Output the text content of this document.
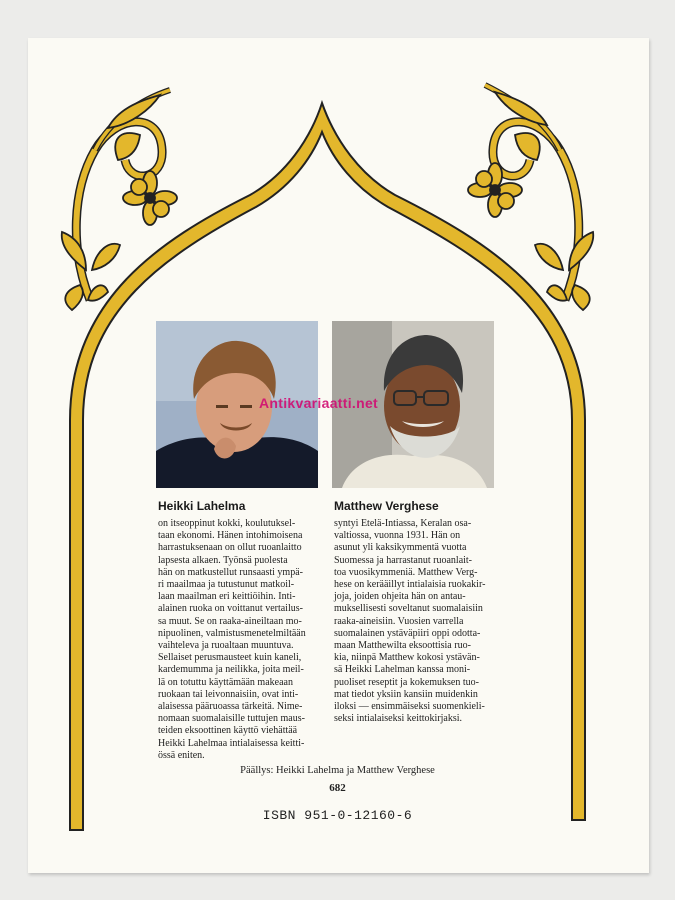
Antikvariaatti.net

Heikki Lahelma	Matthew Verghese

on itseoppinut kokki, koulutuksel-
taan ekonomi. Hänen intohimoisena
harrastuksenaan on ollut ruoanlaitto
lapsesta alkaen. Työnsä puolesta
hän on matkustellut runsaasti ympä-
ri maailmaa ja tutustunut matkoil-
laan maailman eri keittiöihin. Inti-
alainen ruoka on voittanut vertailus-
sa muut. Se on raaka-aineiltaan mo-
nipuolinen, valmistusmenetelmiltään
vaihteleva ja ruoaltaan muuntuva.
Sellaiset perusmausteet kuin kaneli,
kardemumma ja neilikka, joita meil-
lä on totuttu käyttämään makeaan
ruokaan tai leivonnaisiin, ovat inti-
alaisessa pääruoassa tärkeitä. Nime-
nomaan suomalaisille tuttujen maus-
teiden eksoottinen käyttö viehättää
Heikki Lahelmaa intialaisessa keitti-
össä eniten.
syntyi Etelä-Intiassa, Keralan osa-
valtiossa, vuonna 1931. Hän on
asunut yli kaksikymmentä vuotta
Suomessa ja harrastanut ruoanlait-
toa vuosikymmeniä. Matthew Verg-
hese on kerääillyt intialaisia ruokakir-
joja, joiden ohjeita hän on antau-
muksellisesti soveltanut suomalaisiin
raaka-aineisiin. Vuosien varrella
suomalainen ystäväpiiri oppi odotta-
maan Matthewilta eksoottisia ruo-
kia, niinpä Matthew kokosi ystävän-
sä Heikki Lahelman kanssa moni-
puoliset reseptit ja kokemuksen tuo-
mat tiedot yksiin kansiin muidenkin
iloksi — ensimmäiseksi suomenkieli-
seksi intialaiseksi keittokirjaksi.
Päällys: Heikki Lahelma ja Matthew Verghese
682
ISBN 951-0-12160-6
